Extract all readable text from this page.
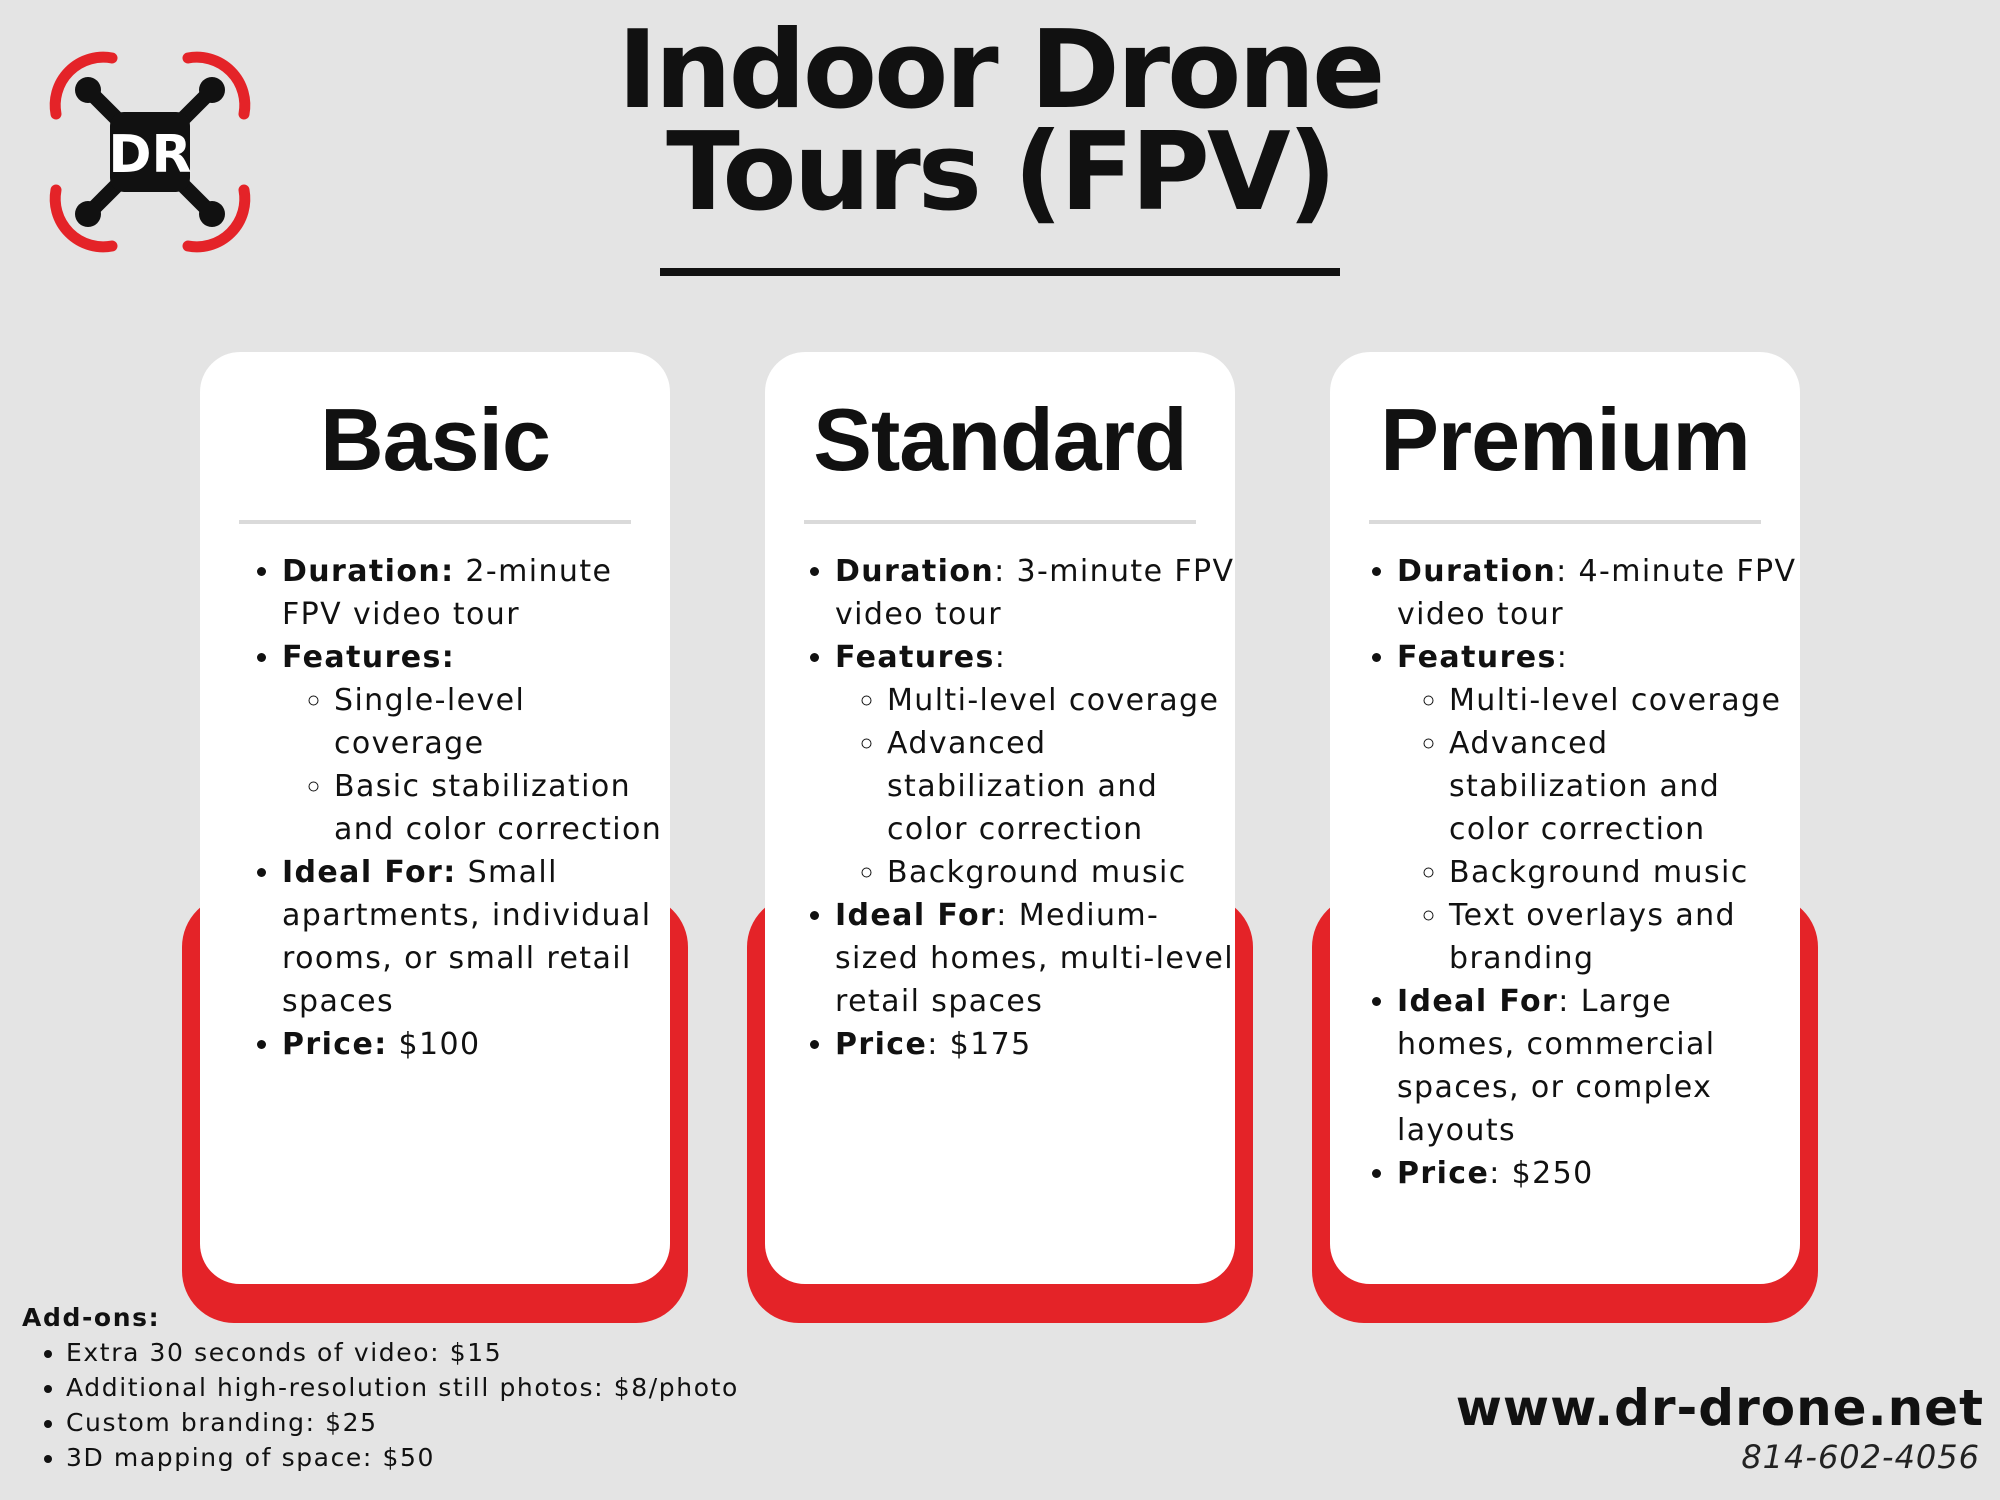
DR
Indoor Drone
Tours (FPV)
Basic
• Duration: 2-minute FPV video tour
• Features:
◦ Single-level coverage
◦ Basic stabilization and color correction
• Ideal For: Small apartments, individual rooms, or small retail spaces
• Price: $100
Standard
• Duration: 3-minute FPV video tour
• Features:
◦ Multi-level coverage
◦ Advanced stabilization and color correction
◦ Background music
• Ideal For: Medium-sized homes, multi-level retail spaces
• Price: $175
Premium
• Duration: 4-minute FPV video tour
• Features:
◦ Multi-level coverage
◦ Advanced stabilization and color correction
◦ Background music
◦ Text overlays and branding
• Ideal For: Large homes, commercial spaces, or complex layouts
• Price: $250

Add-ons:

• Extra 30 seconds of video: $15
• Additional high-resolution still photos: $8/photo
• Custom branding: $25
• 3D mapping of space: $50

www.dr-drone.net

814-602-4056
